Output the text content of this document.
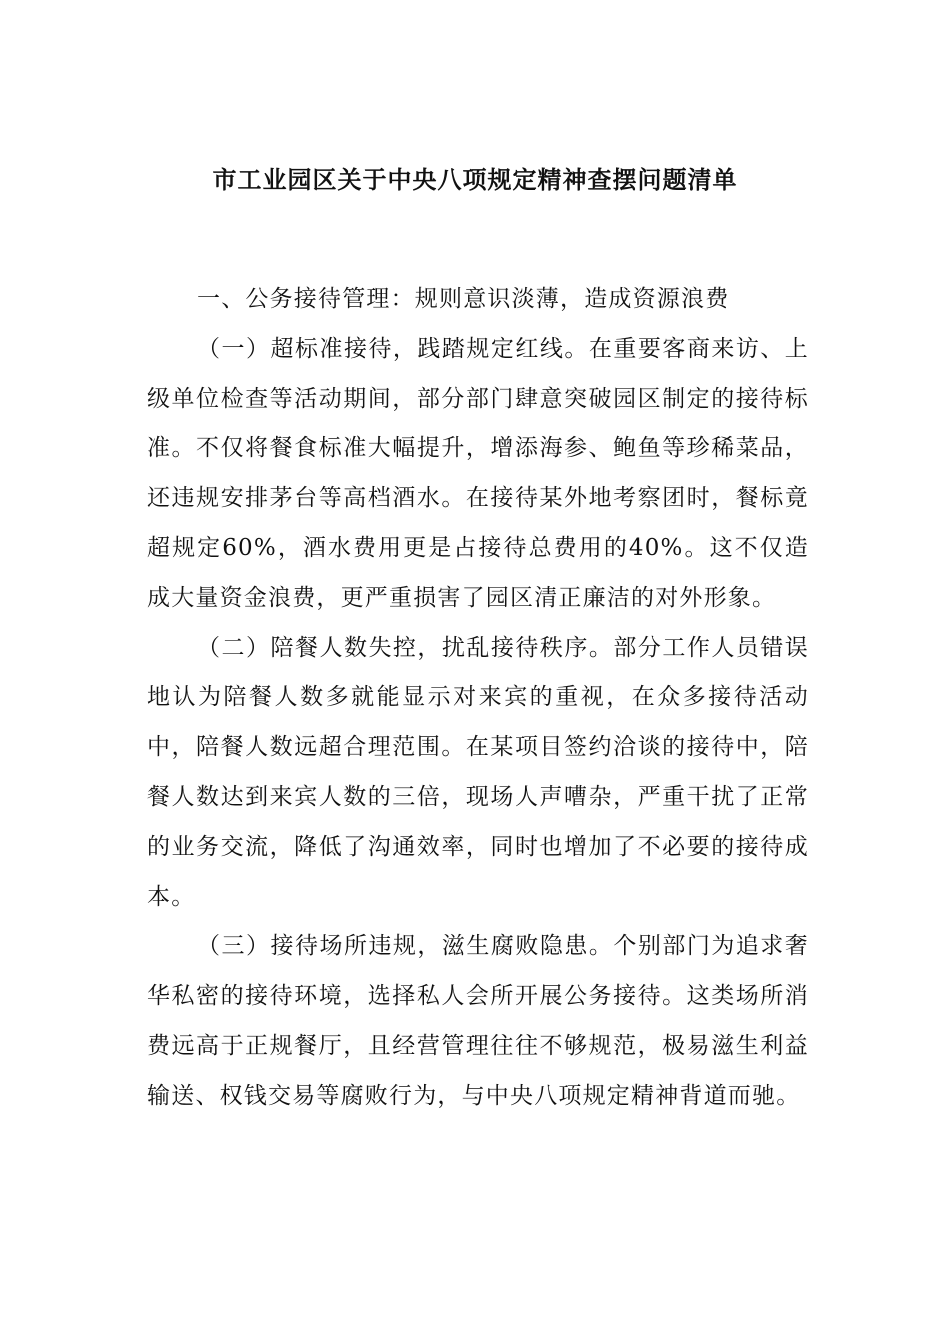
市工业园区关于中央八项规定精神查摆问题清单

一、公务接待管理：规则意识淡薄，造成资源浪费

（一）超标准接待，践踏规定红线。在重要客商来访、上级单位检查等活动期间，部分部门肆意突破园区制定的接待标准。不仅将餐食标准大幅提升，增添海参、鲍鱼等珍稀菜品，还违规安排茅台等高档酒水。在接待某外地考察团时，餐标竟超规定60%，酒水费用更是占接待总费用的40%。这不仅造成大量资金浪费，更严重损害了园区清正廉洁的对外形象。

（二）陪餐人数失控，扰乱接待秩序。部分工作人员错误地认为陪餐人数多就能显示对来宾的重视，在众多接待活动中，陪餐人数远超合理范围。在某项目签约洽谈的接待中，陪餐人数达到来宾人数的三倍，现场人声嘈杂，严重干扰了正常的业务交流，降低了沟通效率，同时也增加了不必要的接待成本。

（三）接待场所违规，滋生腐败隐患。个别部门为追求奢华私密的接待环境，选择私人会所开展公务接待。这类场所消费远高于正规餐厅，且经营管理往往不够规范，极易滋生利益输送、权钱交易等腐败行为，与中央八项规定精神背道而驰。
